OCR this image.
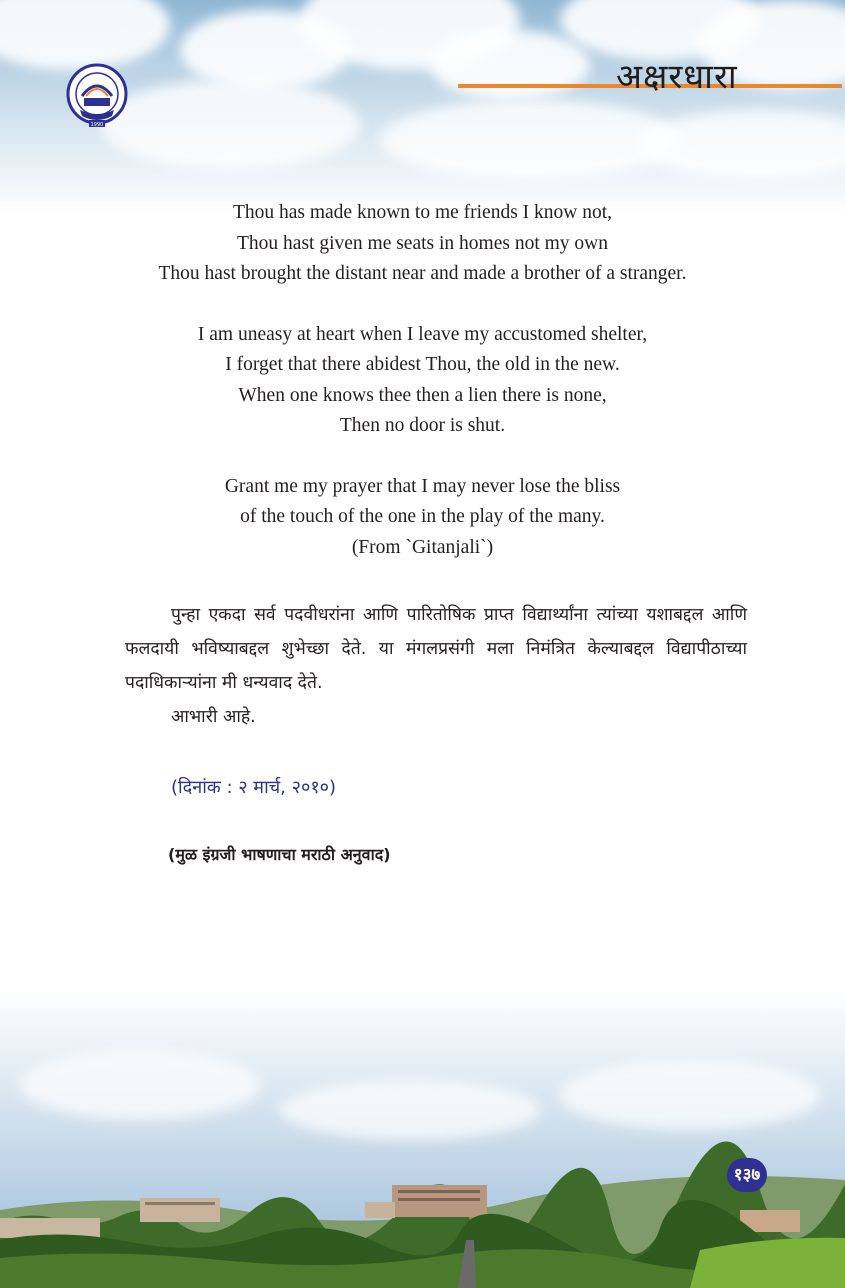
1990
अक्षरधारा

Thou has made known to me friends I know not,

Thou hast given me seats in homes not my own

Thou hast brought the distant near and made a brother of a stranger.

I am uneasy at heart when I leave my accustomed shelter,

I forget that there abidest Thou, the old in the new.

When one knows thee then a lien there is none,

Then no door is shut.

Grant me my prayer that I may never lose the bliss

of the touch of the one in the play of the many.

(From `Gitanjali`)

पुन्हा एकदा सर्व पदवीधरांना आणि पारितोषिक प्राप्त विद्यार्थ्यांना त्यांच्या यशाबद्दल आणि फलदायी भविष्याबद्दल शुभेच्छा देते. या मंगलप्रसंगी मला निमंत्रित केल्याबद्दल विद्यापीठाच्या पदाधिकाऱ्यांना मी धन्यवाद देते.

आभारी आहे.

(दिनांक : २ मार्च, २०१०)
(मुळ इंग्रजी भाषणाचा मराठी अनुवाद)
१३७
